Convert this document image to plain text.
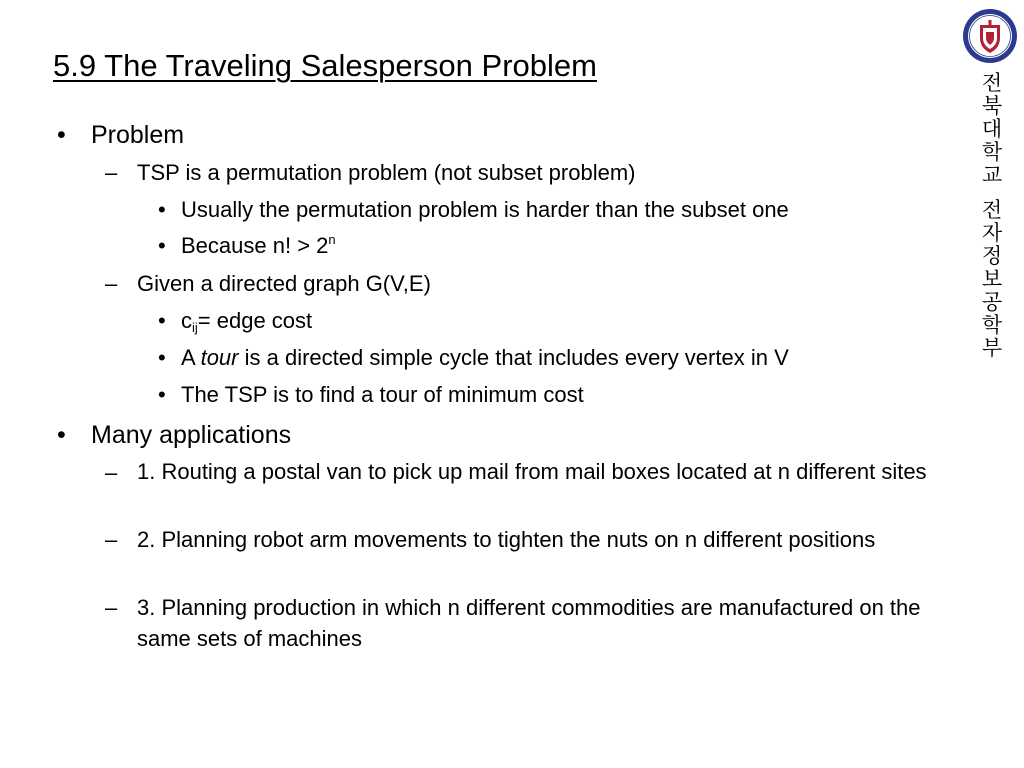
5.9 The Traveling Salesperson Problem
• Problem
– TSP is a permutation problem (not subset problem)
• Usually the permutation problem is harder than the subset one
• Because n! > $2^n$
– Given a directed graph G(V,E)
• $c_{ij}=$ edge cost
• A tour is a directed simple cycle that includes every vertex in V
• The TSP is to find a tour of minimum cost
• Many applications
– 1. Routing a postal van to pick up mail from mail boxes located at n different sites
– 2. Planning robot arm movements to tighten the nuts on n different positions
– 3. Planning production in which n different commodities are manufactured on the same sets of machines
전
북
대
학
교
전
자
정
보
공
학
부
